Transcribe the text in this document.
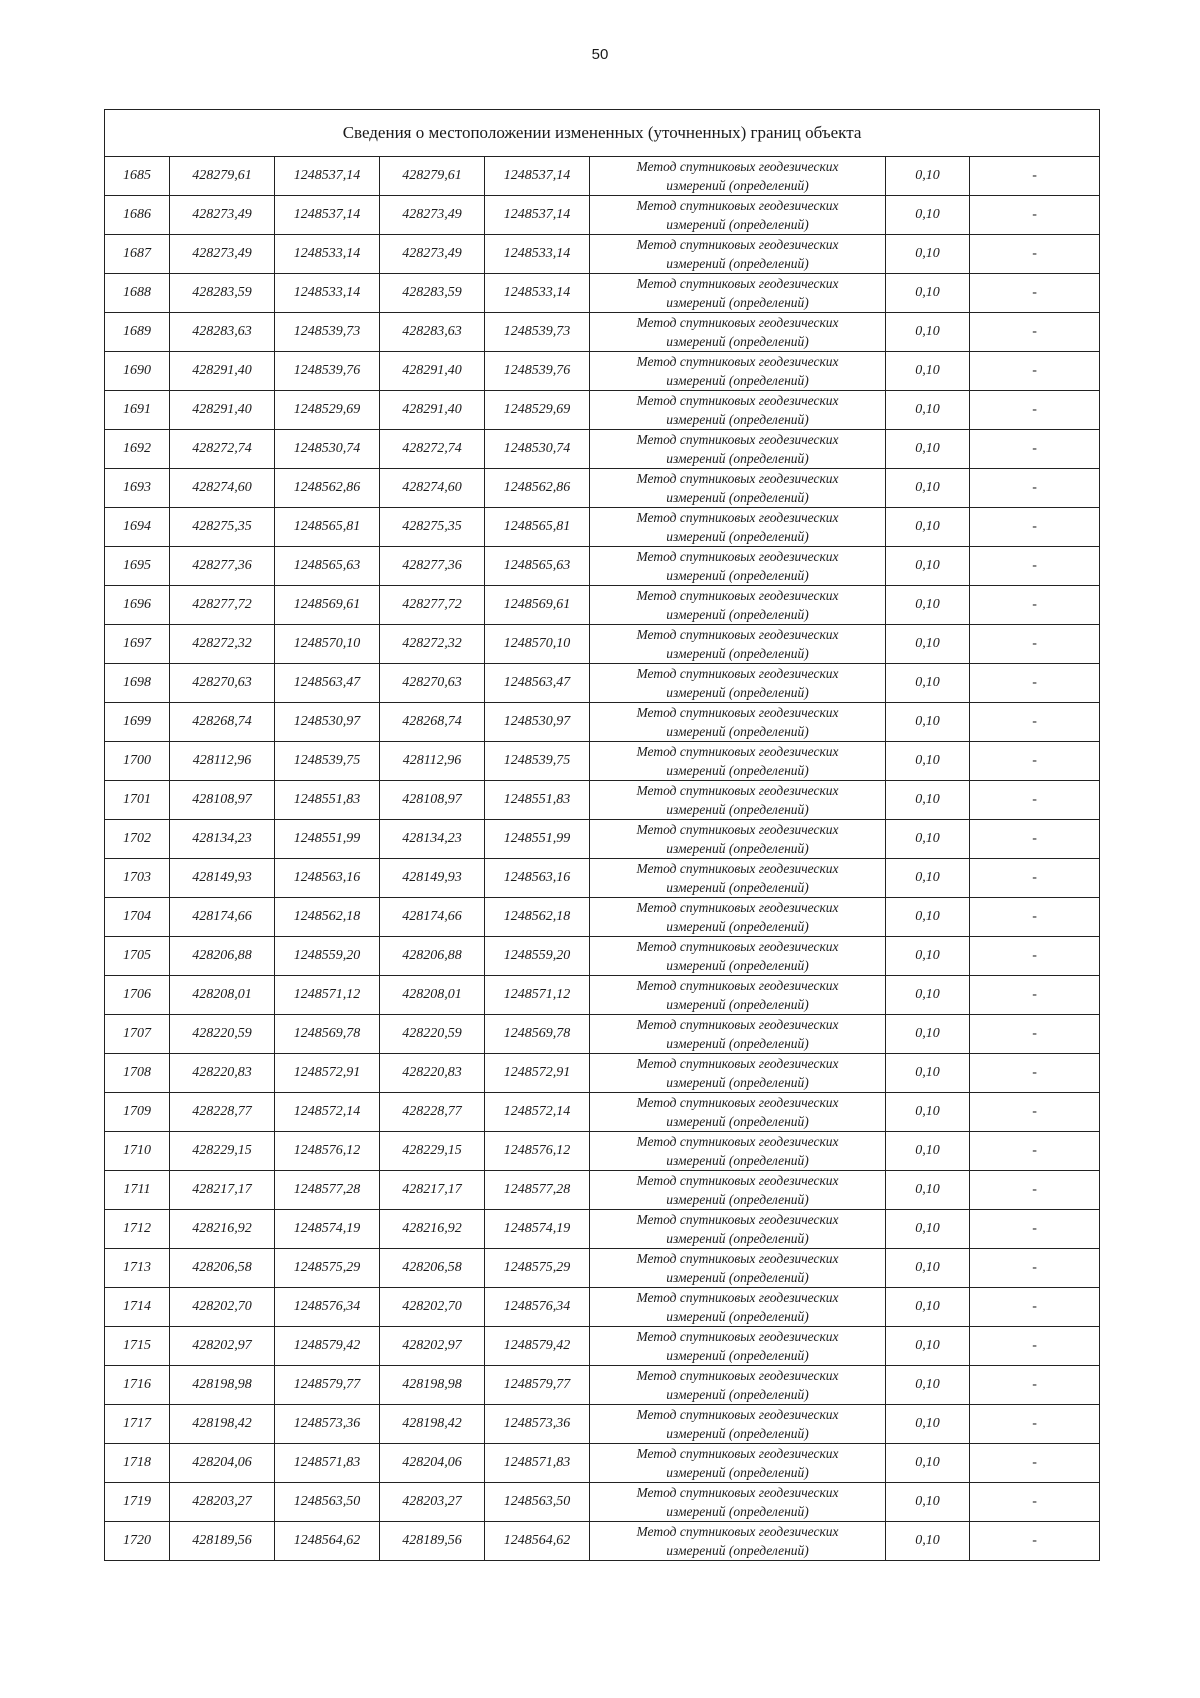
50
Сведения о местоположении измененных (уточненных) границ объекта							
1685	428279,61	1248537,14	428279,61	1248537,14	Метод спутниковых геодезических
измерений (определений)	0,10	-
1686	428273,49	1248537,14	428273,49	1248537,14	Метод спутниковых геодезических
измерений (определений)	0,10	-
1687	428273,49	1248533,14	428273,49	1248533,14	Метод спутниковых геодезических
измерений (определений)	0,10	-
1688	428283,59	1248533,14	428283,59	1248533,14	Метод спутниковых геодезических
измерений (определений)	0,10	-
1689	428283,63	1248539,73	428283,63	1248539,73	Метод спутниковых геодезических
измерений (определений)	0,10	-
1690	428291,40	1248539,76	428291,40	1248539,76	Метод спутниковых геодезических
измерений (определений)	0,10	-
1691	428291,40	1248529,69	428291,40	1248529,69	Метод спутниковых геодезических
измерений (определений)	0,10	-
1692	428272,74	1248530,74	428272,74	1248530,74	Метод спутниковых геодезических
измерений (определений)	0,10	-
1693	428274,60	1248562,86	428274,60	1248562,86	Метод спутниковых геодезических
измерений (определений)	0,10	-
1694	428275,35	1248565,81	428275,35	1248565,81	Метод спутниковых геодезических
измерений (определений)	0,10	-
1695	428277,36	1248565,63	428277,36	1248565,63	Метод спутниковых геодезических
измерений (определений)	0,10	-
1696	428277,72	1248569,61	428277,72	1248569,61	Метод спутниковых геодезических
измерений (определений)	0,10	-
1697	428272,32	1248570,10	428272,32	1248570,10	Метод спутниковых геодезических
измерений (определений)	0,10	-
1698	428270,63	1248563,47	428270,63	1248563,47	Метод спутниковых геодезических
измерений (определений)	0,10	-
1699	428268,74	1248530,97	428268,74	1248530,97	Метод спутниковых геодезических
измерений (определений)	0,10	-
1700	428112,96	1248539,75	428112,96	1248539,75	Метод спутниковых геодезических
измерений (определений)	0,10	-
1701	428108,97	1248551,83	428108,97	1248551,83	Метод спутниковых геодезических
измерений (определений)	0,10	-
1702	428134,23	1248551,99	428134,23	1248551,99	Метод спутниковых геодезических
измерений (определений)	0,10	-
1703	428149,93	1248563,16	428149,93	1248563,16	Метод спутниковых геодезических
измерений (определений)	0,10	-
1704	428174,66	1248562,18	428174,66	1248562,18	Метод спутниковых геодезических
измерений (определений)	0,10	-
1705	428206,88	1248559,20	428206,88	1248559,20	Метод спутниковых геодезических
измерений (определений)	0,10	-
1706	428208,01	1248571,12	428208,01	1248571,12	Метод спутниковых геодезических
измерений (определений)	0,10	-
1707	428220,59	1248569,78	428220,59	1248569,78	Метод спутниковых геодезических
измерений (определений)	0,10	-
1708	428220,83	1248572,91	428220,83	1248572,91	Метод спутниковых геодезических
измерений (определений)	0,10	-
1709	428228,77	1248572,14	428228,77	1248572,14	Метод спутниковых геодезических
измерений (определений)	0,10	-
1710	428229,15	1248576,12	428229,15	1248576,12	Метод спутниковых геодезических
измерений (определений)	0,10	-
1711	428217,17	1248577,28	428217,17	1248577,28	Метод спутниковых геодезических
измерений (определений)	0,10	-
1712	428216,92	1248574,19	428216,92	1248574,19	Метод спутниковых геодезических
измерений (определений)	0,10	-
1713	428206,58	1248575,29	428206,58	1248575,29	Метод спутниковых геодезических
измерений (определений)	0,10	-
1714	428202,70	1248576,34	428202,70	1248576,34	Метод спутниковых геодезических
измерений (определений)	0,10	-
1715	428202,97	1248579,42	428202,97	1248579,42	Метод спутниковых геодезических
измерений (определений)	0,10	-
1716	428198,98	1248579,77	428198,98	1248579,77	Метод спутниковых геодезических
измерений (определений)	0,10	-
1717	428198,42	1248573,36	428198,42	1248573,36	Метод спутниковых геодезических
измерений (определений)	0,10	-
1718	428204,06	1248571,83	428204,06	1248571,83	Метод спутниковых геодезических
измерений (определений)	0,10	-
1719	428203,27	1248563,50	428203,27	1248563,50	Метод спутниковых геодезических
измерений (определений)	0,10	-
1720	428189,56	1248564,62	428189,56	1248564,62	Метод спутниковых геодезических
измерений (определений)	0,10	-
